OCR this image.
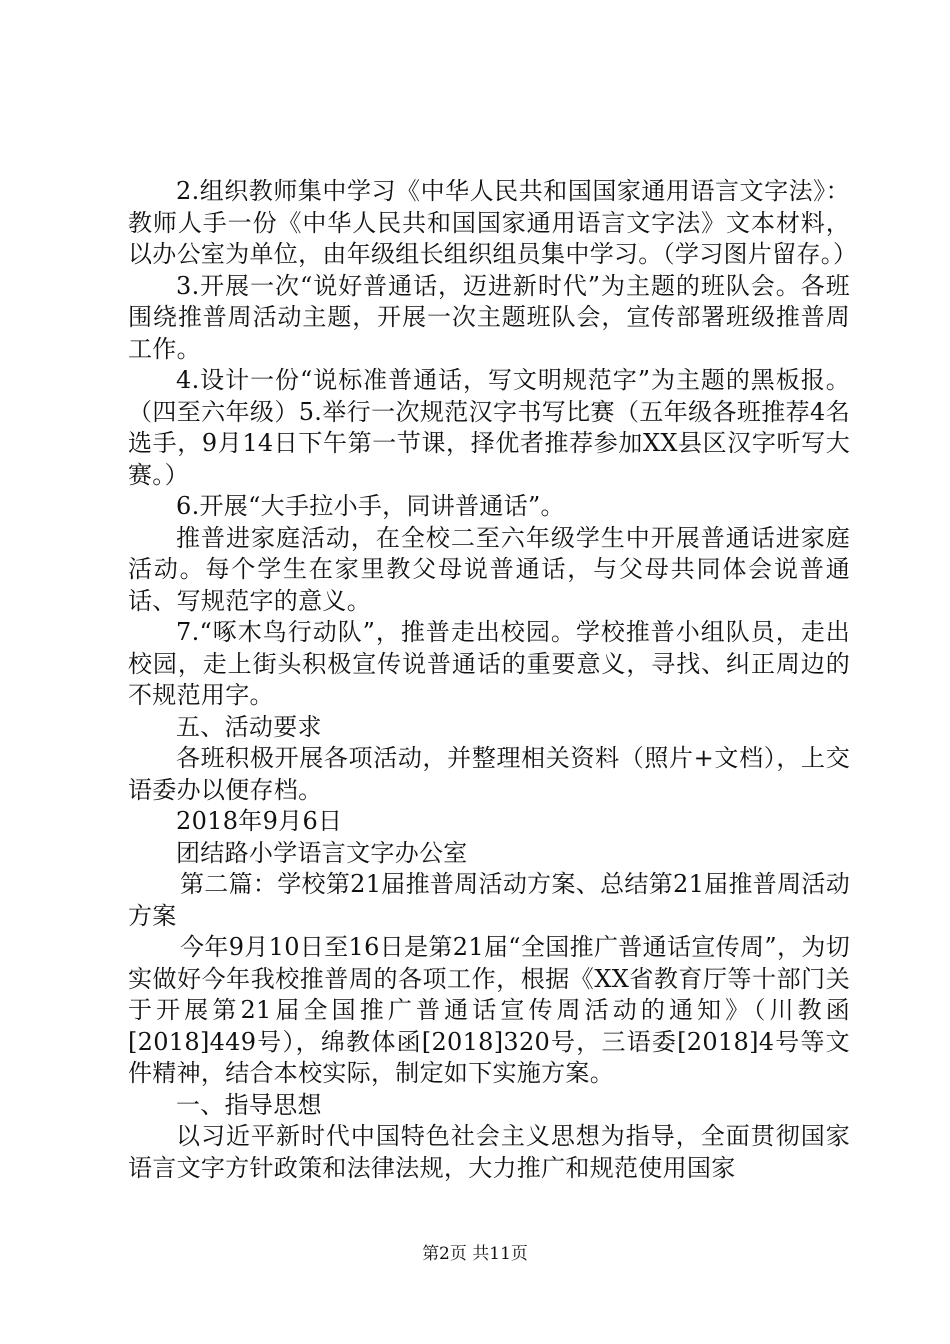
2.组织教师集中学习《中华人民共和国国家通用语言文字法》：教师人手一份《中华人民共和国国家通用语言文字法》文本材料，以办公室为单位，由年级组长组织组员集中学习。（学习图片留存。）

3.开展一次“说好普通话，迈进新时代”为主题的班队会。各班围绕推普周活动主题，开展一次主题班队会，宣传部署班级推普周工作。

4.设计一份“说标准普通话，写文明规范字”为主题的黑板报。（四至六年级）5.举行一次规范汉字书写比赛（五年级各班推荐4名选手，9月14日下午第一节课，择优者推荐参加XX县区汉字听写大赛。）

6.开展“大手拉小手，同讲普通话”。

推普进家庭活动，在全校二至六年级学生中开展普通话进家庭活动。每个学生在家里教父母说普通话，与父母共同体会说普通话、写规范字的意义。

7.“啄木鸟行动队”，推普走出校园。学校推普小组队员，走出校园，走上街头积极宣传说普通话的重要意义，寻找、纠正周边的不规范用字。

五、活动要求

各班积极开展各项活动，并整理相关资料（照片+文档），上交语委办以便存档。

2018年9月6日

团结路小学语言文字办公室

第二篇：学校第21届推普周活动方案、总结第21届推普周活动方案

今年9月10日至16日是第21届“全国推广普通话宣传周”，为切实做好今年我校推普周的各项工作，根据《XX省教育厅等十部门关于开展第21届全国推广普通话宣传周活动的通知》（川教函[2018]449号），绵教体函[2018]320号，三语委[2018]4号等文件精神，结合本校实际，制定如下实施方案。

一、指导思想

以习近平新时代中国特色社会主义思想为指导，全面贯彻国家语言文字方针政策和法律法规，大力推广和规范使用国家

第2页 共11页
